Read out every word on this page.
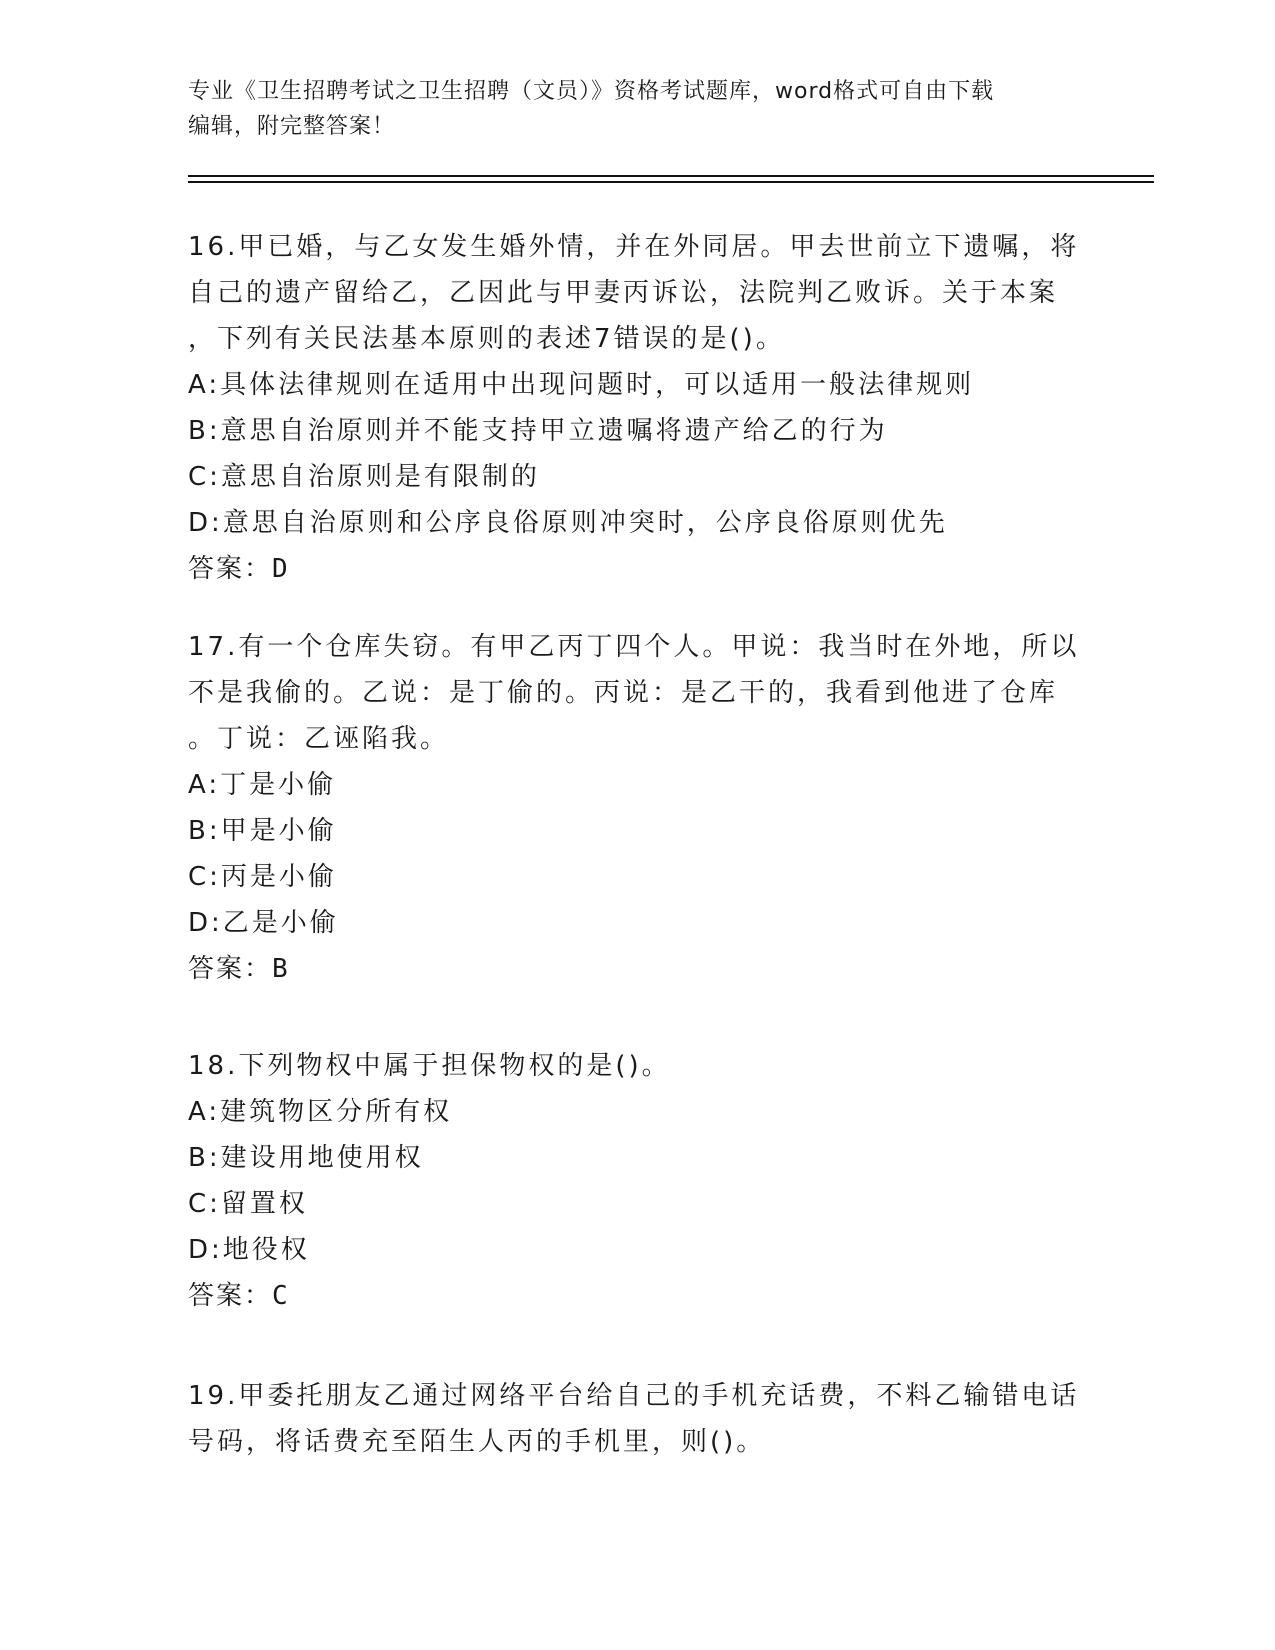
专业《卫生招聘考试之卫生招聘（文员）》资格考试题库，word格式可自由下载
编辑，附完整答案！
16.甲已婚，与乙女发生婚外情，并在外同居。甲去世前立下遗嘱，将
自己的遗产留给乙，乙因此与甲妻丙诉讼，法院判乙败诉。关于本案
，下列有关民法基本原则的表述7错误的是()。
A:具体法律规则在适用中出现问题时，可以适用一般法律规则
B:意思自治原则并不能支持甲立遗嘱将遗产给乙的行为
C:意思自治原则是有限制的
D:意思自治原则和公序良俗原则冲突时，公序良俗原则优先
答案：D
17.有一个仓库失窃。有甲乙丙丁四个人。甲说：我当时在外地，所以
不是我偷的。乙说：是丁偷的。丙说：是乙干的，我看到他进了仓库
。丁说：乙诬陷我。
A:丁是小偷
B:甲是小偷
C:丙是小偷
D:乙是小偷
答案：B
18.下列物权中属于担保物权的是()。
A:建筑物区分所有权
B:建设用地使用权
C:留置权
D:地役权
答案：C
19.甲委托朋友乙通过网络平台给自己的手机充话费，不料乙输错电话
号码，将话费充至陌生人丙的手机里，则()。
